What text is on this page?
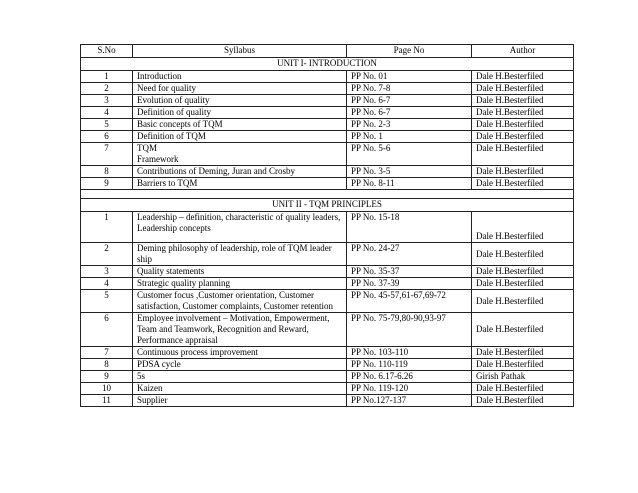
S.No	Syllabus	Page No	Author
UNIT I- INTRODUCTION			
1	Introduction	PP No. 01	Dale H.Besterfiled
2	Need for quality	PP No. 7-8	Dale H.Besterfiled
3	Evolution of quality	PP No. 6-7	Dale H.Besterfiled
4	Definition of quality	PP No. 6-7	Dale H.Besterfiled
5	Basic concepts of TQM	PP No. 2-3	Dale H.Besterfiled
6	Definition of TQM	PP No. 1	Dale H.Besterfiled
7	TQM Framework	PP No. 5-6	Dale H.Besterfiled
8	Contributions of Deming, Juran and Crosby	PP No. 3-5	Dale H.Besterfiled
9	Barriers to TQM	PP No. 8-11	Dale H.Besterfiled

UNIT II - TQM PRINCIPLES			
1	Leadership – definition, characteristic of quality leaders, Leadership concepts	PP No. 15-18	Dale H.Besterfiled
2	Deming philosophy of leadership, role of TQM leader ship	PP No. 24-27	Dale H.Besterfiled
3	Quality statements	PP No. 35-37	Dale H.Besterfiled
4	Strategic quality planning	PP No. 37-39	Dale H.Besterfiled
5	Customer focus ,Customer orientation, Customer satisfaction, Customer complaints, Customer retention	PP No. 45-57,61-67,69-72	Dale H.Besterfiled
6	Employee involvement – Motivation, Empowerment, Team and Teamwork, Recognition and Reward, Performance appraisal	PP No. 75-79,80-90,93-97	Dale H.Besterfiled
7	Continuous process improvement	PP No. 103-110	Dale H.Besterfiled
8	PDSA cycle	PP No. 110-119	Dale H.Besterfiled
9	5s	PP No. 6.17-6.26	Girish Pathak
10	Kaizen	PP No. 119-120	Dale H.Besterfiled
11	Supplier	PP No.127-137	Dale H.Besterfiled
